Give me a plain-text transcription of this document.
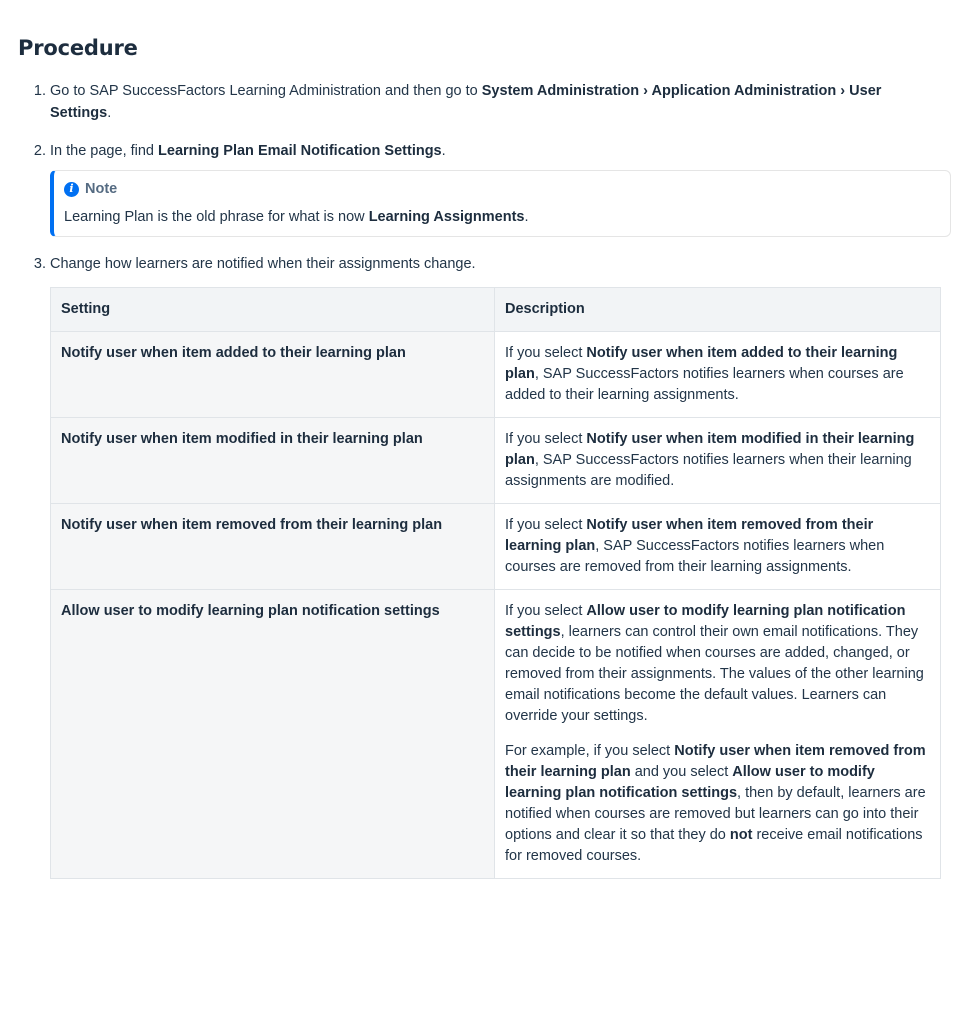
Procedure
1. Go to SAP SuccessFactors Learning Administration and then go to System Administration › Application Administration › User Settings.
2. In the page, find Learning Plan Email Notification Settings.
i Note
Learning Plan is the old phrase for what is now Learning Assignments.
3. Change how learners are notified when their assignments change.
Setting	Description
Notify user when item added to their learning plan	If you select Notify user when item added to their learning plan, SAP SuccessFactors notifies learners when courses are added to their learning assignments.

Notify user when item modified in their learning plan	If you select Notify user when item modified in their learning plan, SAP SuccessFactors notifies learners when their learning assignments are modified.

Notify user when item removed from their learning plan	If you select Notify user when item removed from their learning plan, SAP SuccessFactors notifies learners when courses are removed from their learning assignments.

Allow user to modify learning plan notification settings	If you select Allow user to modify learning plan notification settings, learners can control their own email notifications. They can decide to be notified when courses are added, changed, or removed from their assignments. The values of the other learning email notifications become the default values. Learners can override your settings.

For example, if you select Notify user when item removed from their learning plan and you select Allow user to modify learning plan notification settings, then by default, learners are notified when courses are removed but learners can go into their options and clear it so that they do not receive email notifications for removed courses.
